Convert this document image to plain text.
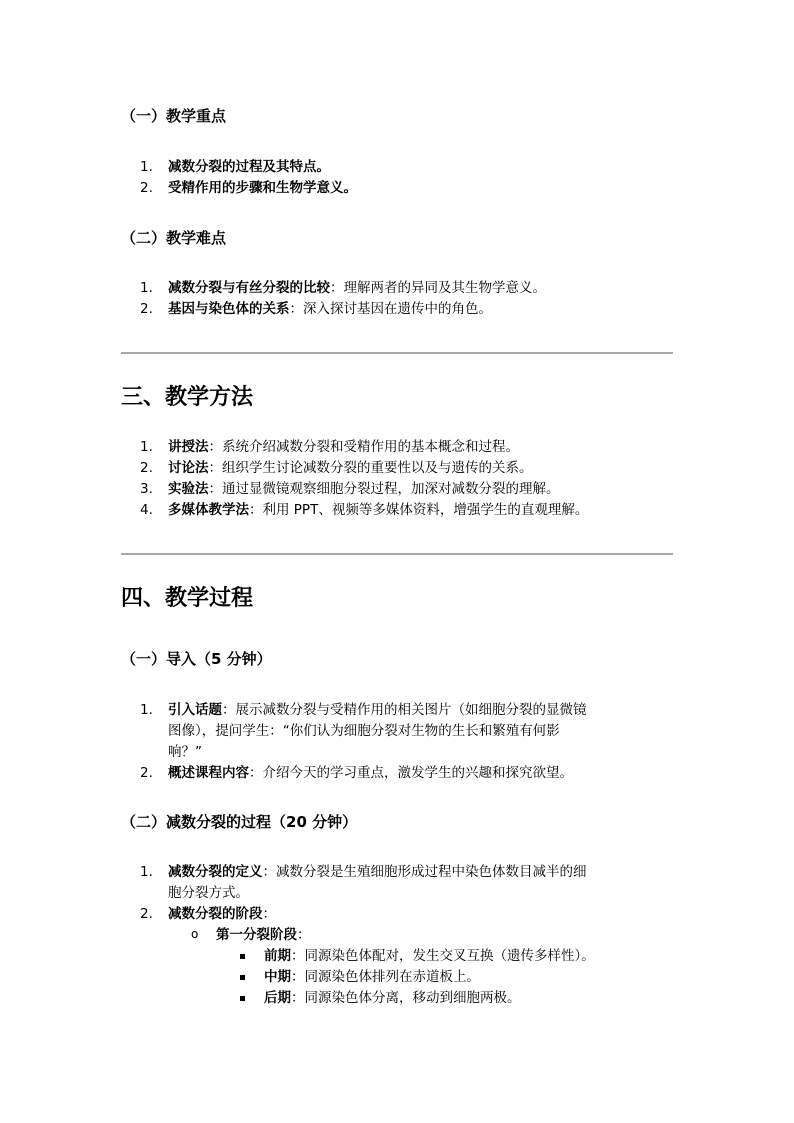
（一）教学重点
1.	减数分裂的过程及其特点。
2.	受精作用的步骤和生物学意义。
（二）教学难点
1.	减数分裂与有丝分裂的比较：理解两者的异同及其生物学意义。
2.	基因与染色体的关系：深入探讨基因在遗传中的角色。
三、教学方法
1.	讲授法：系统介绍减数分裂和受精作用的基本概念和过程。
2.	讨论法：组织学生讨论减数分裂的重要性以及与遗传的关系。
3.	实验法：通过显微镜观察细胞分裂过程，加深对减数分裂的理解。
4.	多媒体教学法：利用 PPT、视频等多媒体资料，增强学生的直观理解。
四、教学过程
（一）导入（5 分钟）
1.	引入话题：展示减数分裂与受精作用的相关图片（如细胞分裂的显微镜
图像），提问学生：“你们认为细胞分裂对生物的生长和繁殖有何影
响？”
2.	概述课程内容：介绍今天的学习重点，激发学生的兴趣和探究欲望。
（二）减数分裂的过程（20 分钟）
1.	减数分裂的定义：减数分裂是生殖细胞形成过程中染色体数目减半的细
胞分裂方式。
2.	减数分裂的阶段：
o 第一分裂阶段：
前期：同源染色体配对，发生交叉互换（遗传多样性）。
中期：同源染色体排列在赤道板上。
后期：同源染色体分离，移动到细胞两极。
